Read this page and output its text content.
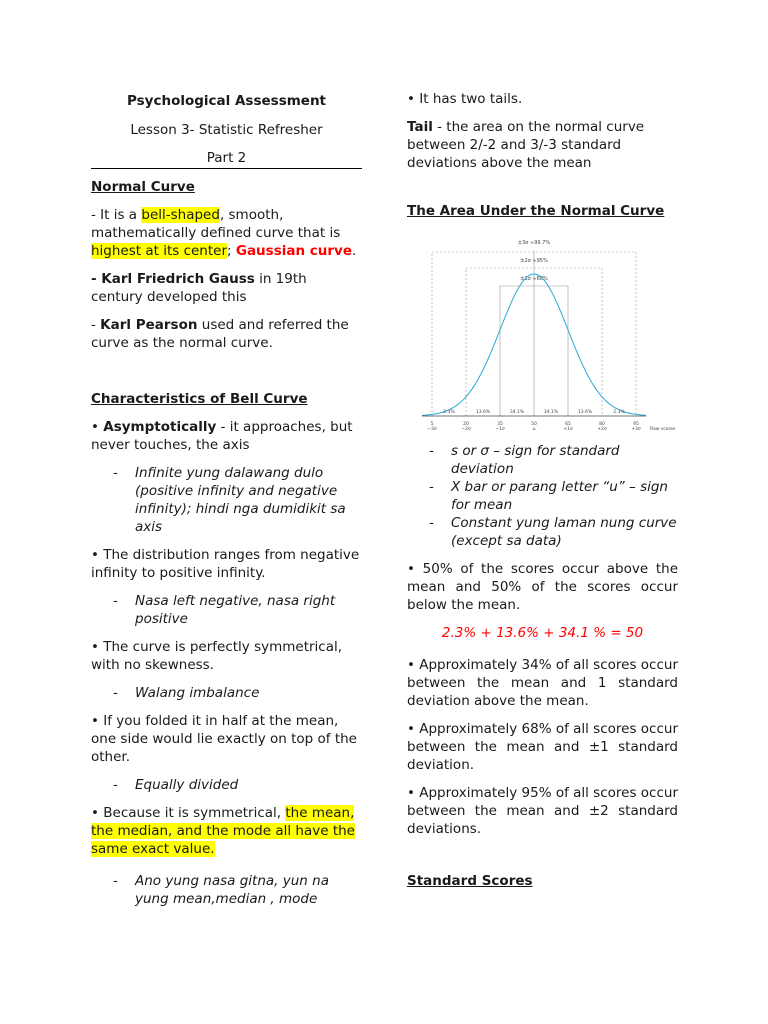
Psychological Assessment

Lesson 3- Statistic Refresher

Part 2

Normal Curve

- It is a bell-shaped, smooth, mathematically defined curve that is highest at its center; Gaussian curve.

- Karl Friedrich Gauss in 19th century developed this

- Karl Pearson used and referred the curve as the normal curve.

Characteristics of Bell Curve

• Asymptotically - it approaches, but never touches, the axis

- Infinite yung dalawang dulo (positive infinity and negative infinity); hindi nga dumidikit sa axis

• The distribution ranges from negative infinity to positive infinity.

- Nasa left negative, nasa right positive

• The curve is perfectly symmetrical, with no skewness.

- Walang imbalance

• If you folded it in half at the mean, one side would lie exactly on top of the other.

- Equally divided

• Because it is symmetrical, the mean, the median, and the mode all have the same exact value.

- Ano yung nasa gitna, yun na yung mean,median , mode

• It has two tails.

Tail - the area on the normal curve between 2/-2 and 3/-3 standard deviations above the mean

The Area Under the Normal Curve

±3σ ≈99.7%
±2σ ≈95%
±1σ ≈68%
2.3%	13.6%	34.1%	34.1%	13.6%	2.3%
5	20	35	50	65	80	95
−3σ	−2σ	−1σ	μ	+1σ	+2σ	+3σ Raw scores
- s or σ – sign for standard deviation
- X bar or parang letter “u” – sign for mean
- Constant yung laman nung curve (except sa data)

• 50% of the scores occur above the mean and 50% of the scores occur below the mean.

2.3% + 13.6% + 34.1 % = 50

• Approximately 34% of all scores occur between the mean and 1 standard deviation above the mean.

• Approximately 68% of all scores occur between the mean and ±1 standard deviation.

• Approximately 95% of all scores occur between the mean and ±2 standard deviations.

Standard Scores
